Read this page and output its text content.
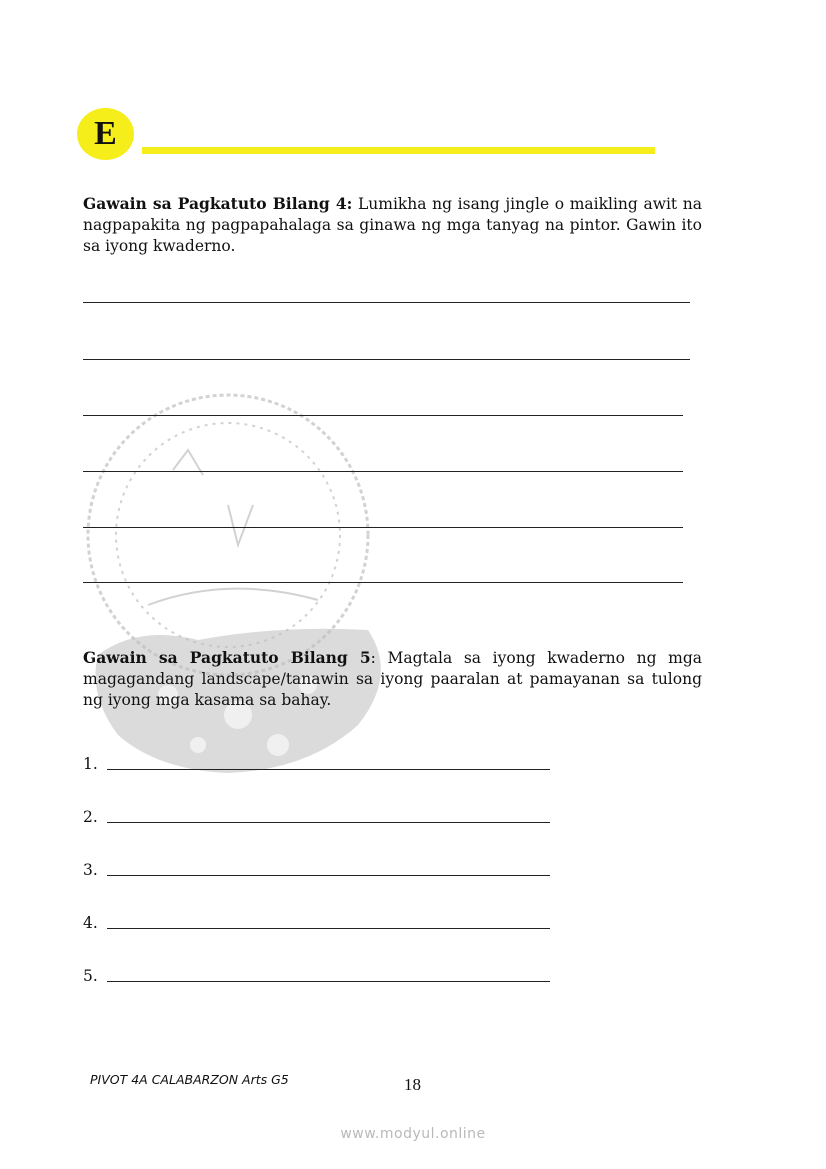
E

Gawain sa Pagkatuto Bilang 4: Lumikha ng isang jingle o maikling awit na nagpapakita ng pagpapahalaga sa ginawa ng mga tanyag na pintor. Gawin ito sa iyong kwaderno.

Gawain sa Pagkatuto Bilang 5: Magtala sa iyong kwaderno ng mga magagandang landscape/tanawin sa iyong paaralan at pamayanan sa tulong ng iyong mga kasama sa bahay.

1.
2.
3.
4.
5.
PIVOT 4A CALABARZON Arts G5	18
www.modyul.online
